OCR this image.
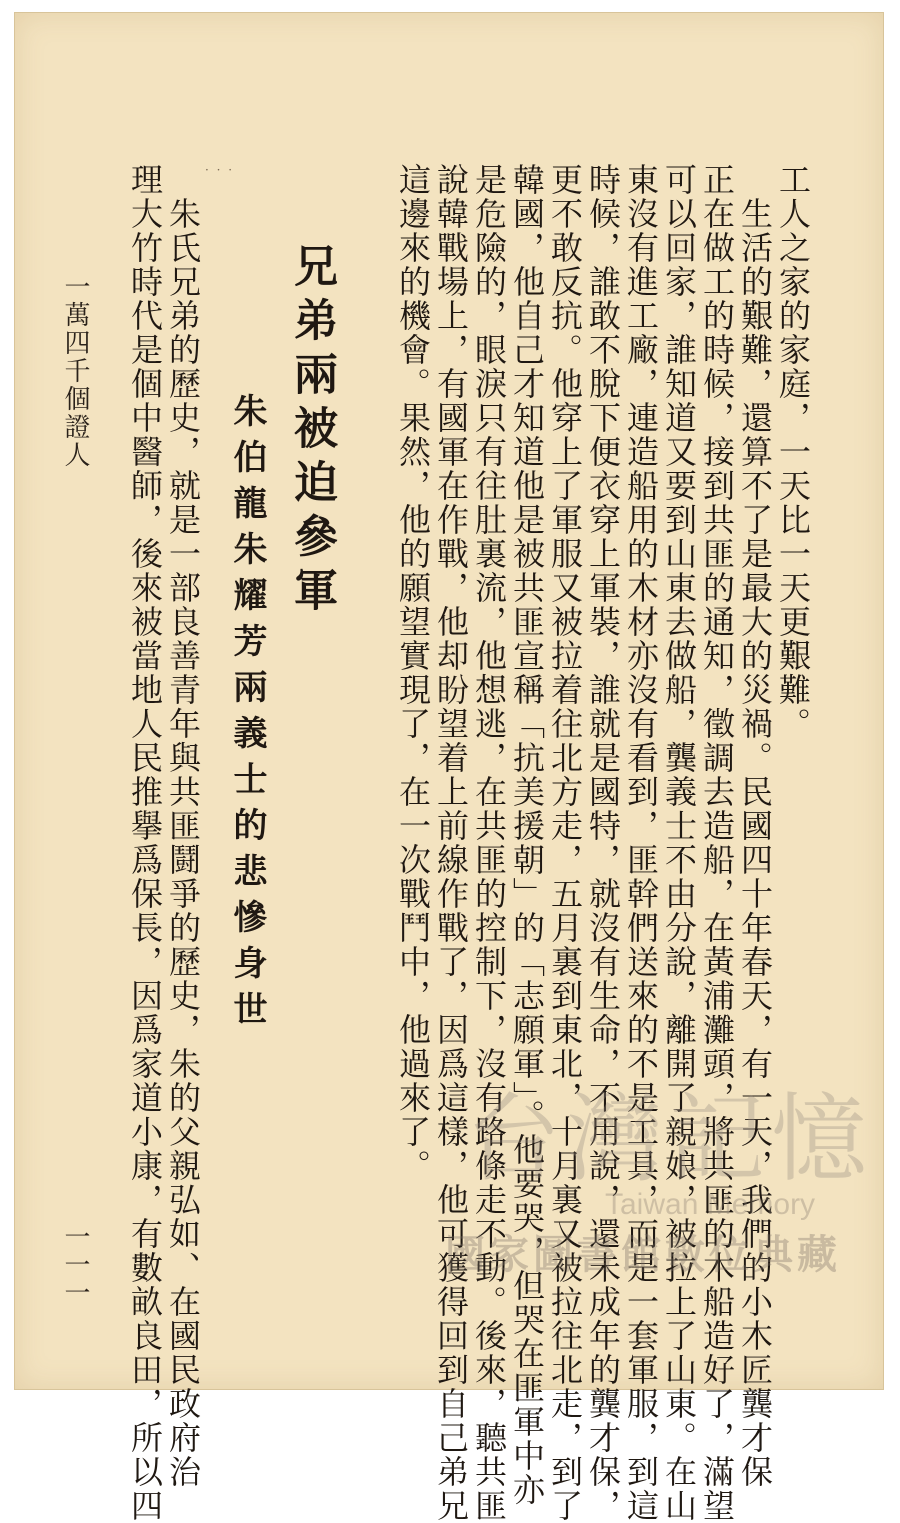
工人之家的家庭，一天比一天更艱難。

　生活的艱難，還算不了是最大的災禍。民國四十年春天，有一天，我們的小木匠龔才保

正在做工的時候，接到共匪的通知，徵調去造船，在黃浦灘頭，將共匪的木船造好了，滿望

可以回家，誰知道又要到山東去做船，龔義士不由分說，離開了親娘，被拉上了山東。在山

東沒有進工廠，連造船用的木材亦沒有看到，匪幹們送來的不是工具，而是一套軍服，到這

時候，誰敢不脫下便衣穿上軍裝，誰就是國特，就沒有生命，不用說，還未成年的龔才保，

更不敢反抗。他穿上了軍服又被拉着往北方走，五月裏到東北，十月裏又被拉往北走，到了

韓國，他自己才知道他是被共匪宣稱「抗美援朝」的「志願軍」。他要哭，但哭在匪軍中亦

是危險的，眼淚只有往肚裏流，他想逃，在共匪的控制下，沒有路條走不動。後來，聽共匪

說韓戰場上，有國軍在作戰，他却盼望着上前線作戰了，因爲這樣，他可獲得回到自己弟兄

這邊來的機會。果然，他的願望實現了，在一次戰鬥中，他過來了。

· · ·
兄弟兩被迫參軍
朱伯龍朱耀芳兩義士的悲慘身世

　朱氏兄弟的歷史，就是一部良善青年與共匪鬪爭的歷史，朱的父親弘如、在國民政府治

理大竹時代是個中醫師，後來被當地人民推擧爲保長，因爲家道小康，有數畝良田，所以四

一萬四千個證人
一一一
台灣記憶
Taiwan Memory
國家圖書館數位典藏
